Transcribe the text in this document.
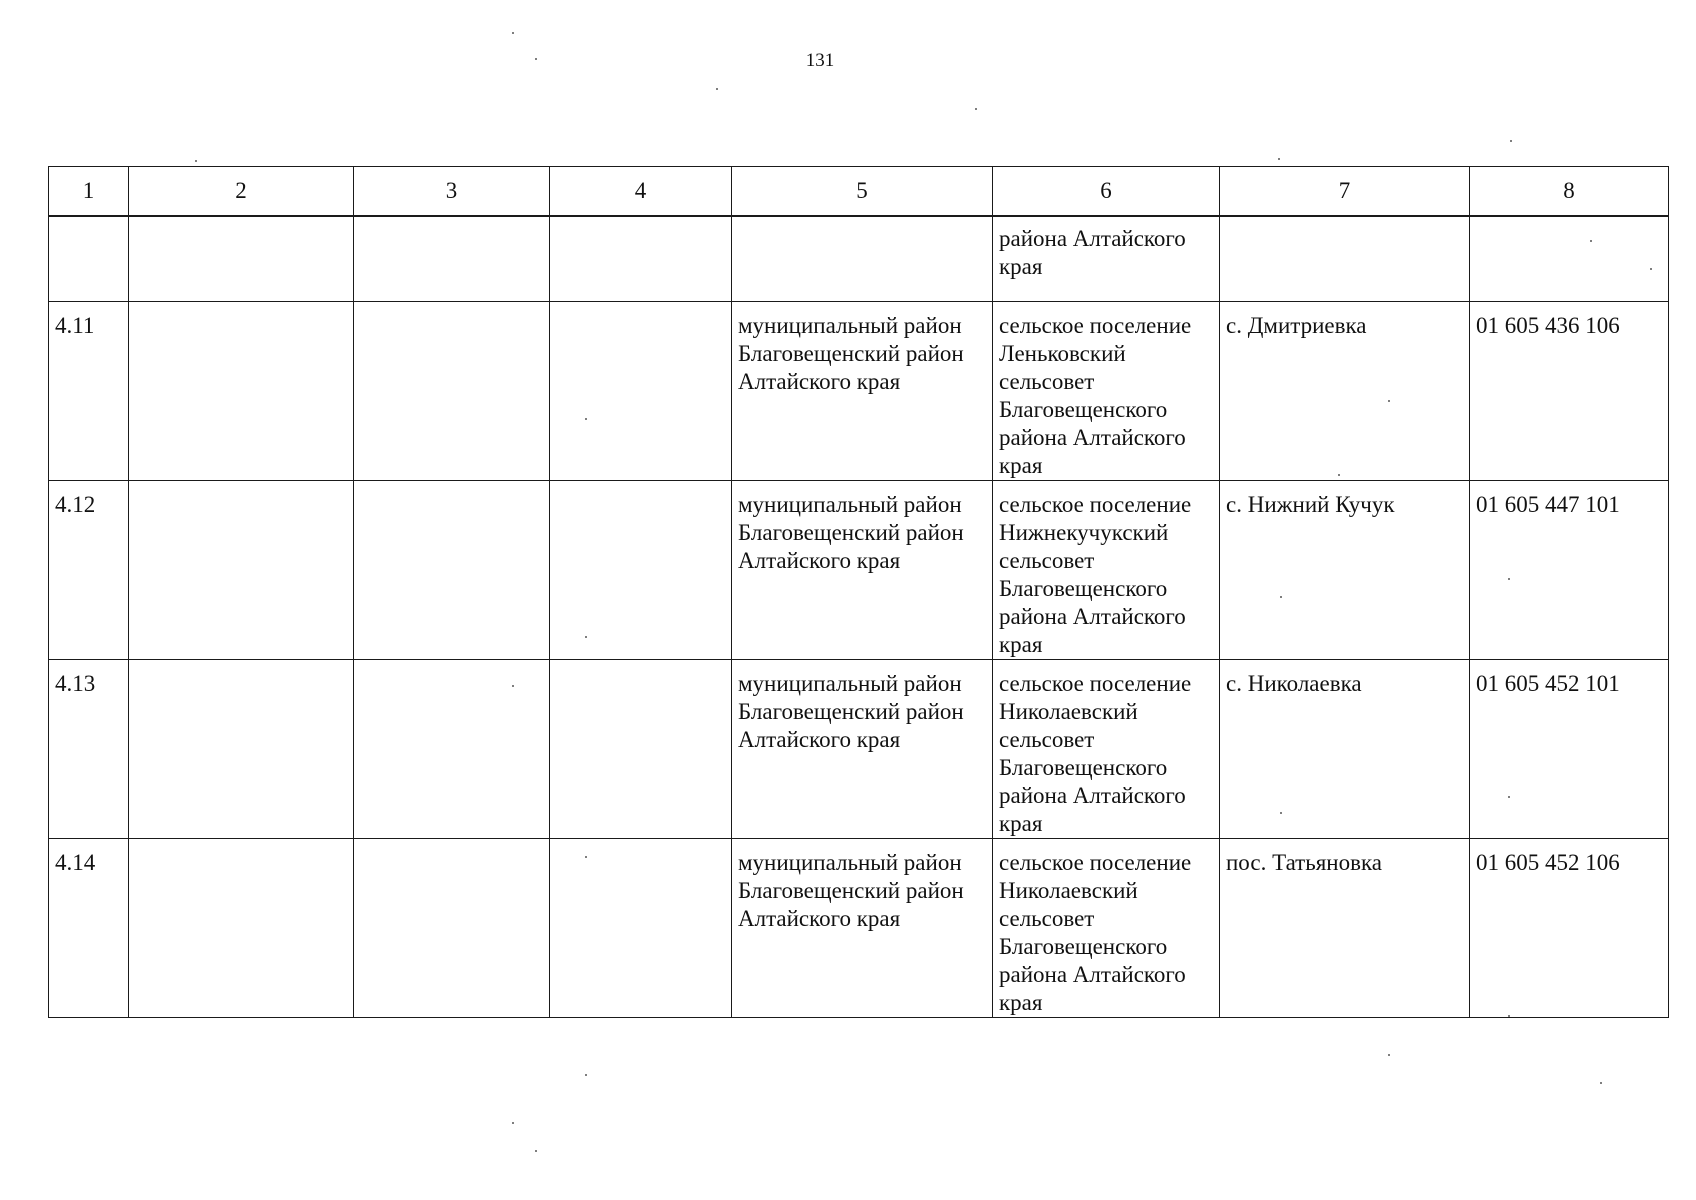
131
1	2	3	4	5	6	7	8
					района Алтайского края		
4.11				муниципальный район Благовещенский район Алтайского края	сельское поселение Леньковский сельсовет Благовещенского района Алтайского края	с. Дмитриевка	01 605 436 106
4.12				муниципальный район Благовещенский район Алтайского края	сельское поселение Нижнекучукский сельсовет Благовещенского района Алтайского края	с. Нижний Кучук	01 605 447 101
4.13				муниципальный район Благовещенский район Алтайского края	сельское поселение Николаевский сельсовет Благовещенского района Алтайского края	с. Николаевка	01 605 452 101
4.14				муниципальный район Благовещенский район Алтайского края	сельское поселение Николаевский сельсовет Благовещенского района Алтайского края	пос. Татьяновка	01 605 452 106
